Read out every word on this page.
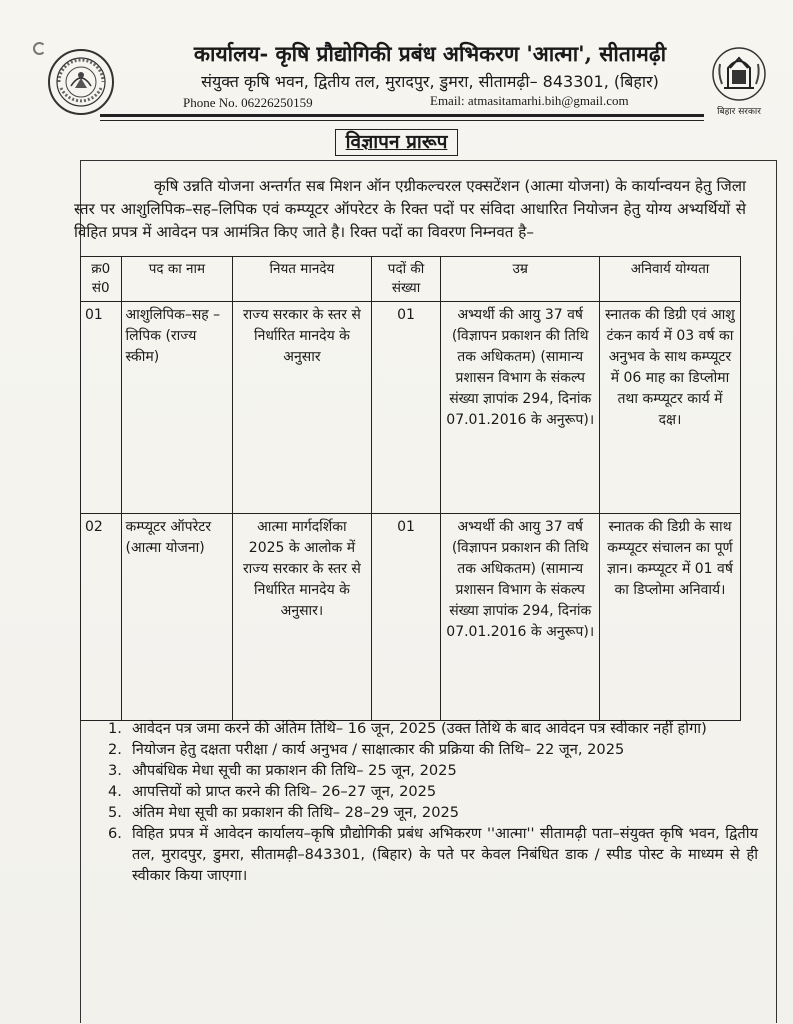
बिहार सरकार
कार्यालय- कृषि प्रौद्योगिकी प्रबंध अभिकरण 'आत्मा', सीतामढ़ी
संयुक्त कृषि भवन, द्वितीय तल, मुरादपुर, डुमरा, सीतामढ़ी– 843301, (बिहार)
Phone No. 06226250159	Email: atmasitamarhi.bih@gmail.com
विज्ञापन प्रारूप

कृषि उन्नति योजना अन्तर्गत सब मिशन ऑन एग्रीकल्चरल एक्सटेंशन (आत्मा योजना) के कार्यान्वयन हेतु जिला स्तर पर आशुलिपिक–सह–लिपिक एवं कम्प्यूटर ऑपरेटर के रिक्त पदों पर संविदा आधारित नियोजन हेतु योग्य अभ्यर्थियों से विहित प्रपत्र में आवेदन पत्र आमंत्रित किए जाते है। रिक्त पदों का विवरण निम्नवत है–

क्र0 सं0	पद का नाम	नियत मानदेय	पदों की संख्या	उम्र	अनिवार्य योग्यता
01	आशुलिपिक–सह –लिपिक (राज्य स्कीम)	राज्य सरकार के स्तर से निर्धारित मानदेय के अनुसार	01	अभ्यर्थी की आयु 37 वर्ष (विज्ञापन प्रकाशन की तिथि तक अधिकतम) (सामान्य प्रशासन विभाग के संकल्प संख्या ज्ञापांक 294, दिनांक 07.01.2016 के अनुरूप)।	स्नातक की डिग्री एवं आशु टंकन कार्य में 03 वर्ष का अनुभव के साथ कम्प्यूटर में 06 माह का डिप्लोमा तथा कम्प्यूटर कार्य में दक्ष।
02	कम्प्यूटर ऑपरेटर (आत्मा योजना)	आत्मा मार्गदर्शिका 2025 के आलोक में राज्य सरकार के स्तर से निर्धारित मानदेय के अनुसार।	01	अभ्यर्थी की आयु 37 वर्ष (विज्ञापन प्रकाशन की तिथि तक अधिकतम) (सामान्य प्रशासन विभाग के संकल्प संख्या ज्ञापांक 294, दिनांक 07.01.2016 के अनुरूप)।	स्नातक की डिग्री के साथ कम्प्यूटर संचालन का पूर्ण ज्ञान। कम्प्यूटर में 01 वर्ष का डिप्लोमा अनिवार्य।
1. आवेदन पत्र जमा करने की अंतिम तिथि– 16 जून, 2025 (उक्त तिथि के बाद आवेदन पत्र स्वीकार नहीं होगा)
2. नियोजन हेतु दक्षता परीक्षा / कार्य अनुभव / साक्षात्कार की प्रक्रिया की तिथि– 22 जून, 2025
3. औपबंधिक मेधा सूची का प्रकाशन की तिथि– 25 जून, 2025
4. आपत्तियों को प्राप्त करने की तिथि– 26–27 जून, 2025
5. अंतिम मेधा सूची का प्रकाशन की तिथि– 28–29 जून, 2025
6. विहित प्रपत्र में आवेदन कार्यालय–कृषि प्रौद्योगिकी प्रबंध अभिकरण ''आत्मा'' सीतामढ़ी पता–संयुक्त कृषि भवन, द्वितीय तल, मुरादपुर, डुमरा, सीतामढ़ी–843301, (बिहार) के पते पर केवल निबंधित डाक / स्पीड पोस्ट के माध्यम से ही स्वीकार किया जाएगा।
